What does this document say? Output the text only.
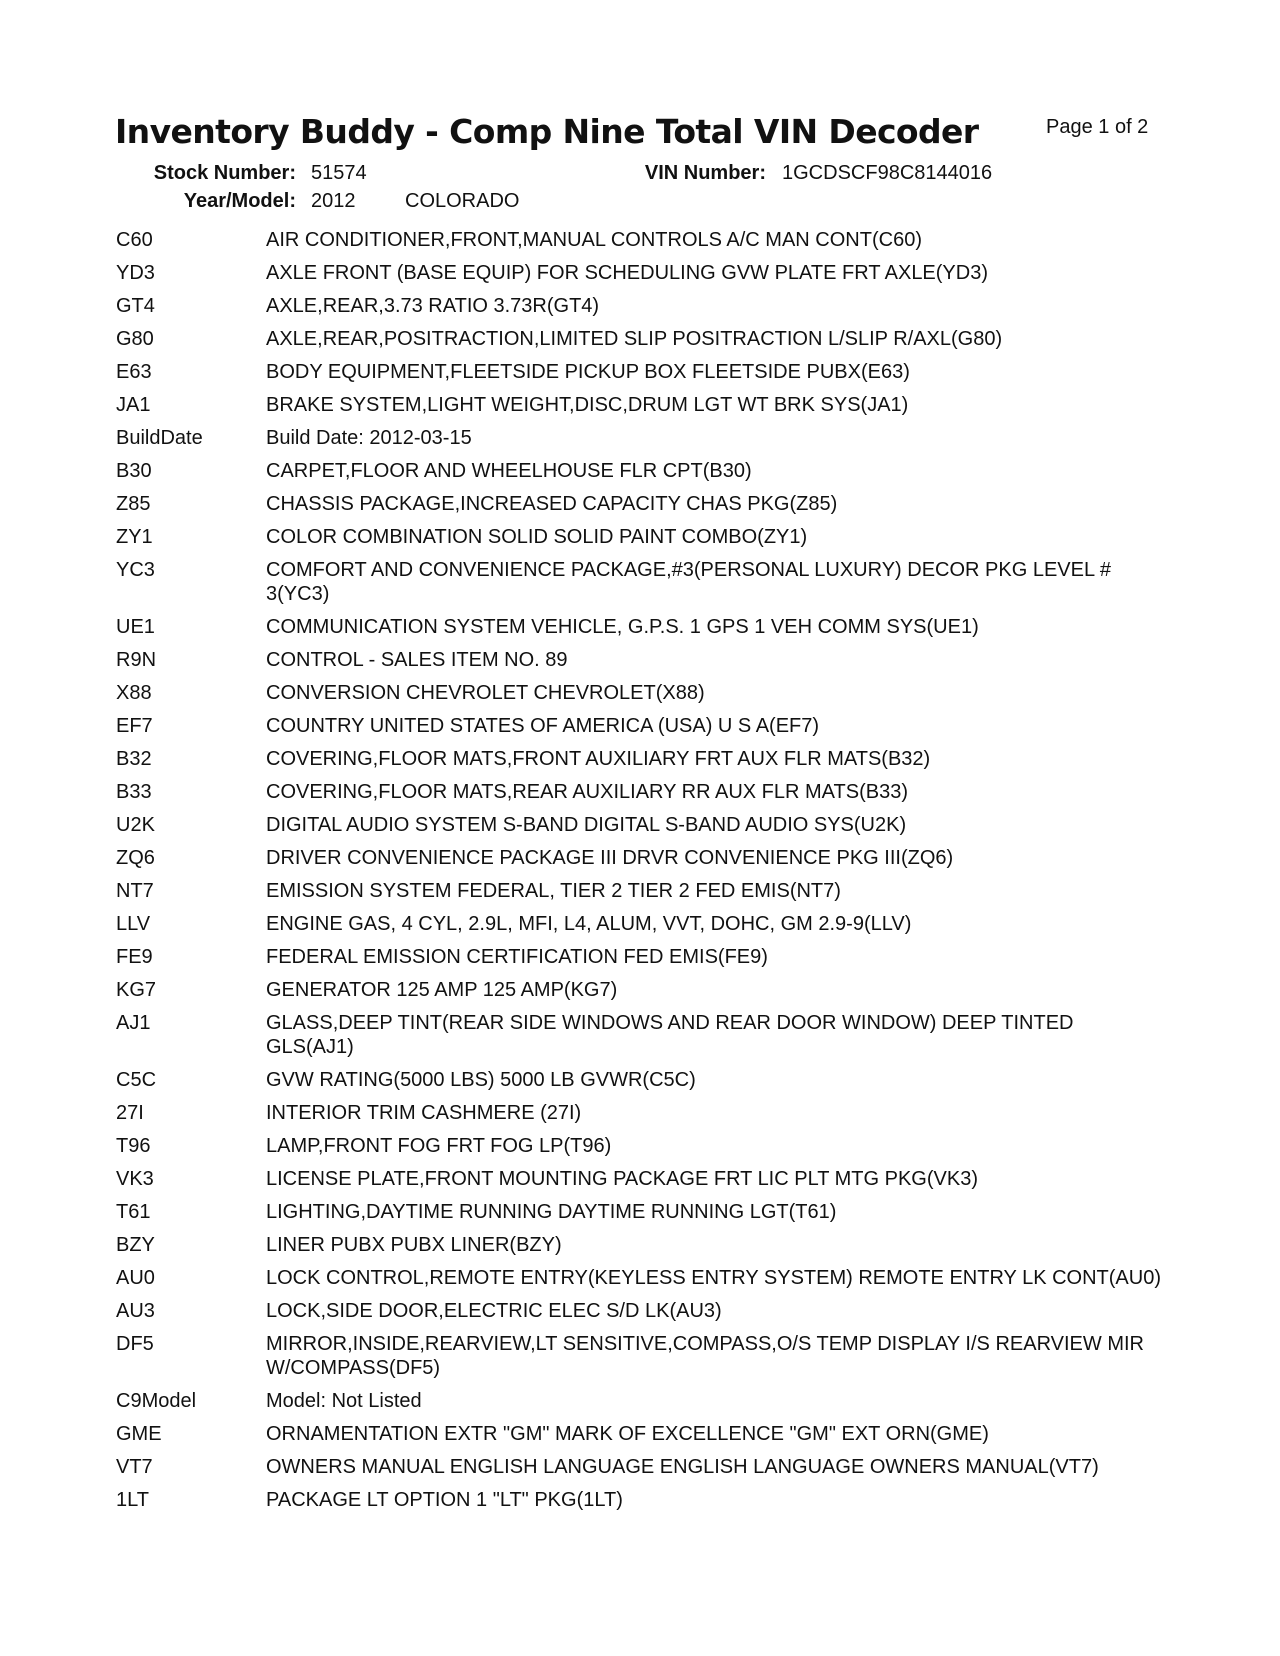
Inventory Buddy - Comp Nine Total VIN Decoder	Page 1 of 2
Stock Number: 51574	VIN Number: 1GCDSCF98C8144016
Year/Model: 2012 COLORADO
C60	AIR CONDITIONER,FRONT,MANUAL CONTROLS A/C MAN CONT(C60)
YD3	AXLE FRONT (BASE EQUIP) FOR SCHEDULING GVW PLATE FRT AXLE(YD3)
GT4	AXLE,REAR,3.73 RATIO 3.73R(GT4)
G80	AXLE,REAR,POSITRACTION,LIMITED SLIP POSITRACTION L/SLIP R/AXL(G80)
E63	BODY EQUIPMENT,FLEETSIDE PICKUP BOX FLEETSIDE PUBX(E63)
JA1	BRAKE SYSTEM,LIGHT WEIGHT,DISC,DRUM LGT WT BRK SYS(JA1)
BuildDate	Build Date: 2012-03-15
B30	CARPET,FLOOR AND WHEELHOUSE FLR CPT(B30)
Z85	CHASSIS PACKAGE,INCREASED CAPACITY CHAS PKG(Z85)
ZY1	COLOR COMBINATION SOLID SOLID PAINT COMBO(ZY1)
YC3	COMFORT AND CONVENIENCE PACKAGE,#3(PERSONAL LUXURY) DECOR PKG LEVEL # 3(YC3)
UE1	COMMUNICATION SYSTEM VEHICLE, G.P.S. 1 GPS 1 VEH COMM SYS(UE1)
R9N	CONTROL - SALES ITEM NO. 89
X88	CONVERSION CHEVROLET CHEVROLET(X88)
EF7	COUNTRY UNITED STATES OF AMERICA (USA) U S A(EF7)
B32	COVERING,FLOOR MATS,FRONT AUXILIARY FRT AUX FLR MATS(B32)
B33	COVERING,FLOOR MATS,REAR AUXILIARY RR AUX FLR MATS(B33)
U2K	DIGITAL AUDIO SYSTEM S-BAND DIGITAL S-BAND AUDIO SYS(U2K)
ZQ6	DRIVER CONVENIENCE PACKAGE III DRVR CONVENIENCE PKG III(ZQ6)
NT7	EMISSION SYSTEM FEDERAL, TIER 2 TIER 2 FED EMIS(NT7)
LLV	ENGINE GAS, 4 CYL, 2.9L, MFI, L4, ALUM, VVT, DOHC, GM 2.9-9(LLV)
FE9	FEDERAL EMISSION CERTIFICATION FED EMIS(FE9)
KG7	GENERATOR 125 AMP 125 AMP(KG7)
AJ1	GLASS,DEEP TINT(REAR SIDE WINDOWS AND REAR DOOR WINDOW) DEEP TINTED GLS(AJ1)
C5C	GVW RATING(5000 LBS) 5000 LB GVWR(C5C)
27I	INTERIOR TRIM CASHMERE (27I)
T96	LAMP,FRONT FOG FRT FOG LP(T96)
VK3	LICENSE PLATE,FRONT MOUNTING PACKAGE FRT LIC PLT MTG PKG(VK3)
T61	LIGHTING,DAYTIME RUNNING DAYTIME RUNNING LGT(T61)
BZY	LINER PUBX PUBX LINER(BZY)
AU0	LOCK CONTROL,REMOTE ENTRY(KEYLESS ENTRY SYSTEM) REMOTE ENTRY LK CONT(AU0)
AU3	LOCK,SIDE DOOR,ELECTRIC ELEC S/D LK(AU3)
DF5	MIRROR,INSIDE,REARVIEW,LT SENSITIVE,COMPASS,O/S TEMP DISPLAY I/S REARVIEW MIR W/COMPASS(DF5)
C9Model	Model: Not Listed
GME	ORNAMENTATION EXTR "GM" MARK OF EXCELLENCE "GM" EXT ORN(GME)
VT7	OWNERS MANUAL ENGLISH LANGUAGE ENGLISH LANGUAGE OWNERS MANUAL(VT7)
1LT	PACKAGE LT OPTION 1 "LT" PKG(1LT)
